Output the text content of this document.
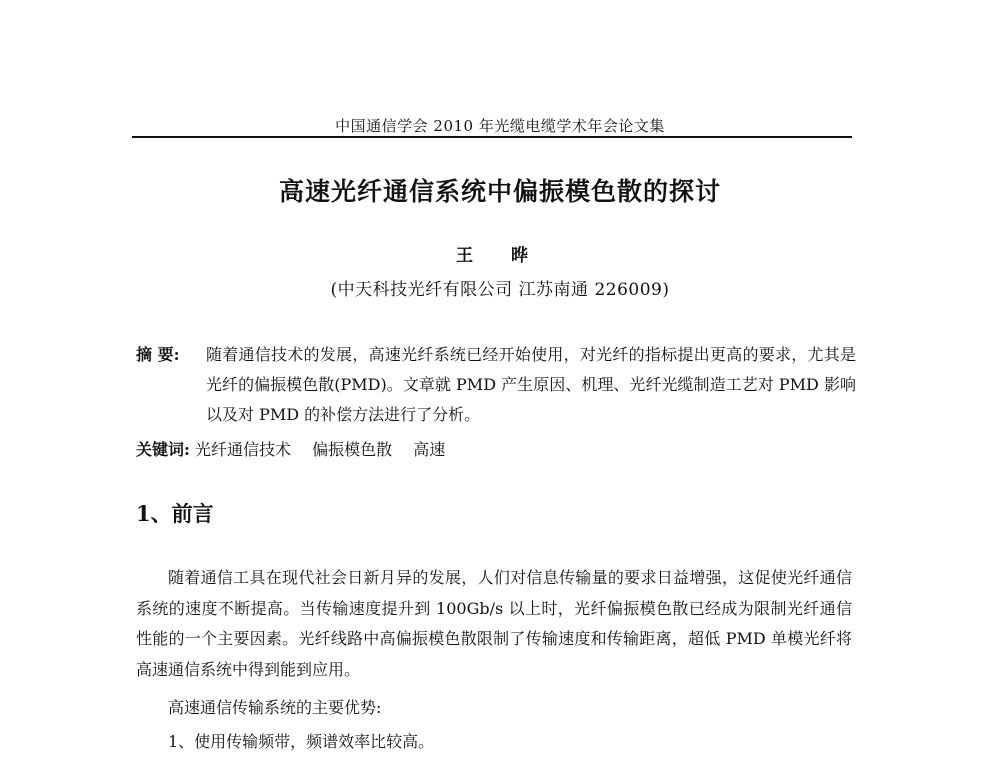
中国通信学会 2010 年光缆电缆学术年会论文集
高速光纤通信系统中偏振模色散的探讨
王 晔
(中天科技光纤有限公司 江苏南通 226009)
摘 要:	随着通信技术的发展，高速光纤系统已经开始使用，对光纤的指标提出更高的要求，尤其是光纤的偏振模色散(PMD)。文章就 PMD 产生原因、机理、光纤光缆制造工艺对 PMD 影响以及对 PMD 的补偿方法进行了分析。
关键词: 光纤通信技术 偏振模色散 高速
1、前言
随着通信工具在现代社会日新月异的发展，人们对信息传输量的要求日益增强，这促使光纤通信系统的速度不断提高。当传输速度提升到 100Gb/s 以上时，光纤偏振模色散已经成为限制光纤通信性能的一个主要因素。光纤线路中高偏振模色散限制了传输速度和传输距离，超低 PMD 单模光纤将高速通信系统中得到能到应用。
高速通信传输系统的主要优势:
1、使用传输频带，频谱效率比较高。
